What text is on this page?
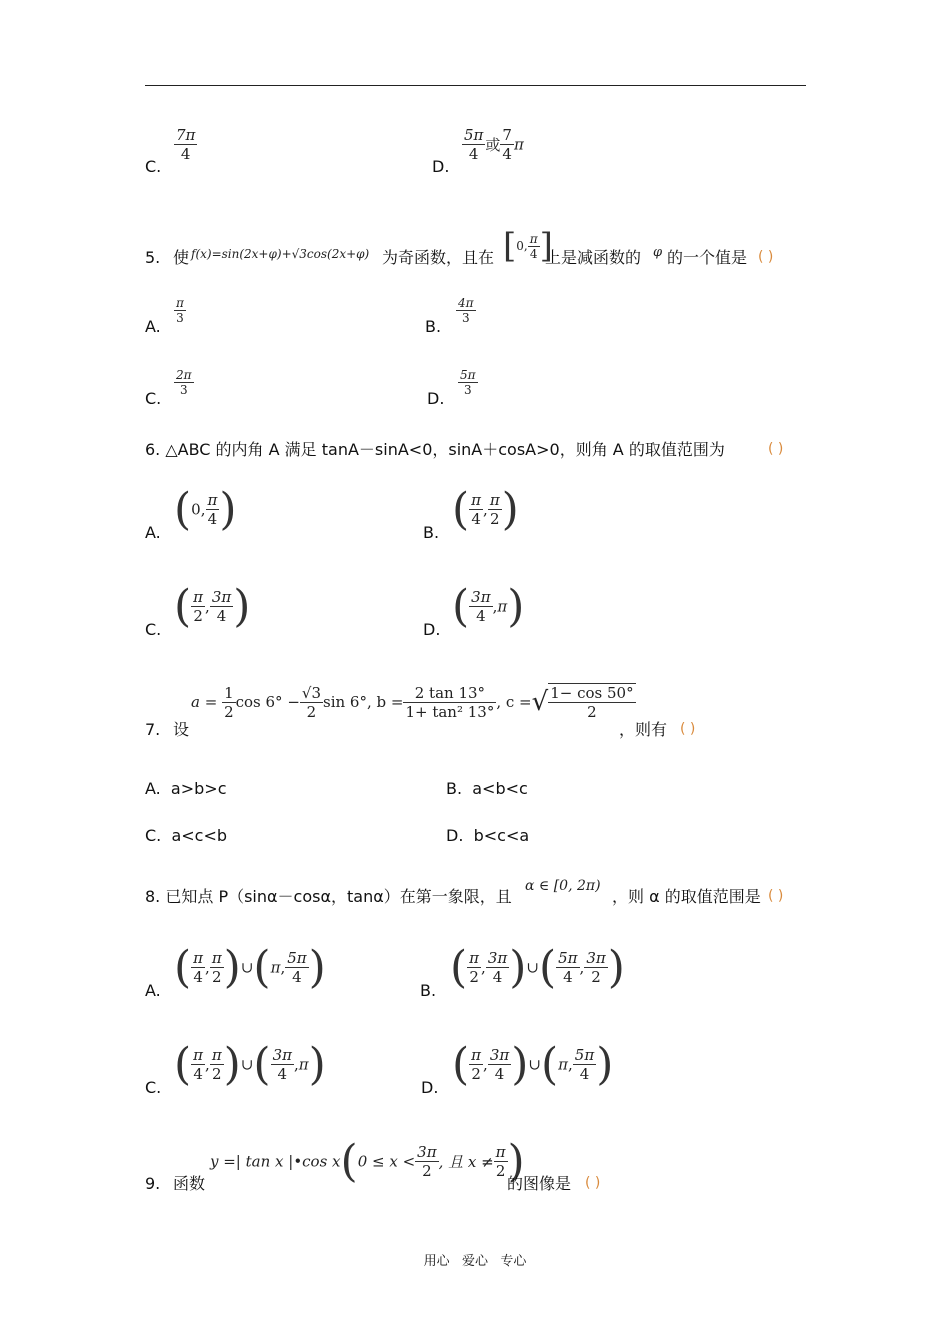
C.
$\frac{7\pi}{4}$
D.
$\frac{5\pi}{4}$ 或 $\frac{7}{4}$ π
5. 使 f(x)=sin(2x+φ)+√3cos(2x+φ) 为奇函数，且在 [0, $\frac{\pi}{4}$ ]
上是减函数的 φ 的一个值是 ( )
A.
$\frac{\pi}{3}$
B.
$\frac{4\pi}{3}$
C.
$\frac{2\pi}{3}$
D.
$\frac{5\pi}{3}$
6. △ABC 的内角 A 满足 tanA－sinA<0，sinA＋cosA>0，则角 A 的取值范围为	( )
A. (0, $\frac{\pi}{4}$ )	B. ( $\frac{\pi}{4}$ , $\frac{\pi}{2}$ )
C. ( $\frac{\pi}{2}$ , $\frac{3\pi}{4}$ )	D. ( $\frac{3\pi}{4} ,\pi$)
7. 设
$a = \frac{1}{2}$ $\cos 6^\circ - \frac{√3}{2}$ sin 6°, $b = \frac{2 \tan 13^\circ}{\text{1+ tan² 13°}}$ , c =√ $\frac{1- \cos 50^\circ}{2}$
，则有 ( )
A. a>b>c	B. a<b<c
C. a<c<b	D. b<c<a
8. 已知点 P（sinα－cosα，tanα）在第一象限，且
α ∈ [0, 2π)
，则 α 的取值范围是 ( )
A. ( $\frac{\pi}{4}$ , $\frac{\pi}{2}$ )∪(π, $\frac{5\pi}{4}$ )	B. ( $\frac{\pi}{2}$ , $\frac{3\pi}{4}$ )∪( $\frac{5\pi}{4}$ , $\frac{3\pi}{2}$ )
C. ( $\frac{\pi}{4}$ , $\frac{\pi}{2}$ )∪( $\frac{3\pi}{4} ,\pi$)	D. ( $\frac{\pi}{2}$ , $\frac{3\pi}{4}$ )∪(π, $\frac{5\pi}{4}$ )
9. 函数
y =| tan x |•cos $x(0 \le x < \frac{3\pi}{2}$ , 且 $x \ne \frac{\pi}{2}$ )
的图像是 ( )
用心   爱心   专心
